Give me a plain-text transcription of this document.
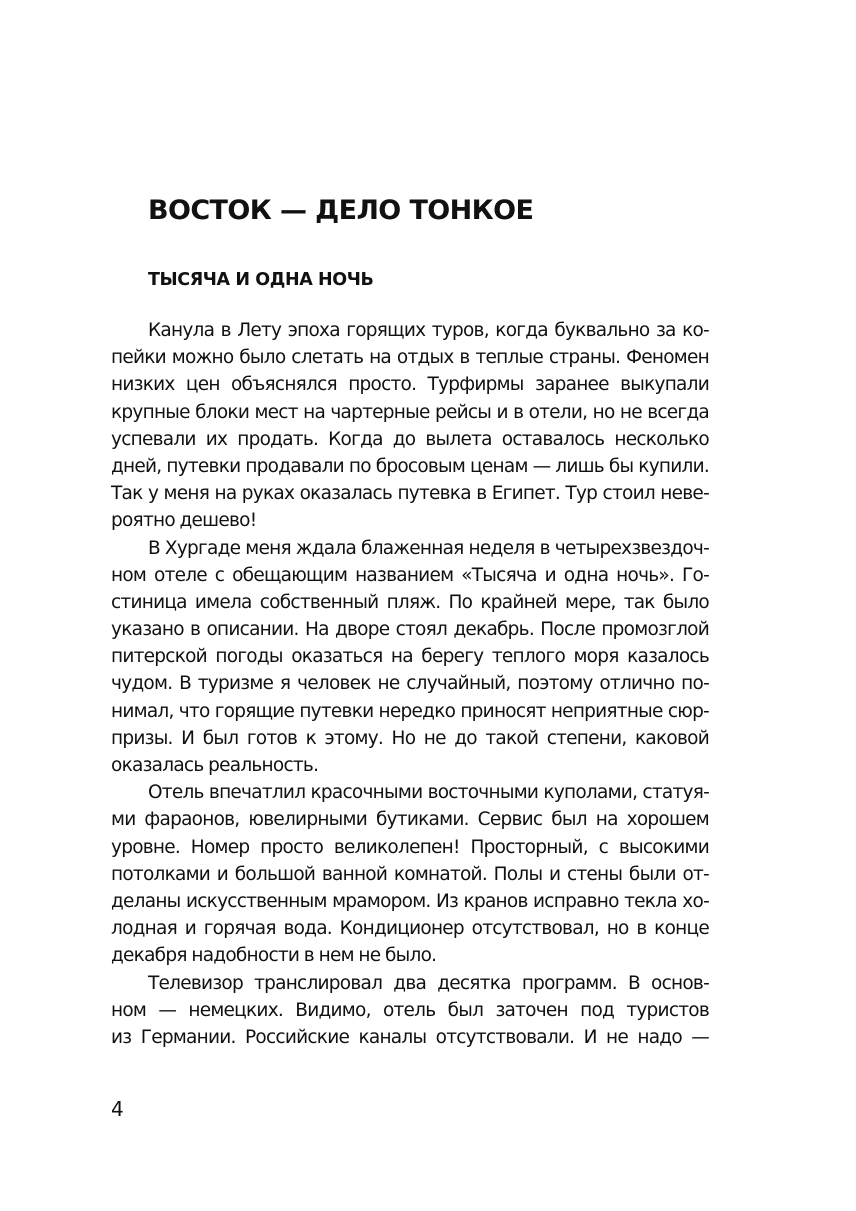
ВОСТОК — ДЕЛО ТОНКОЕ
ТЫСЯЧА И ОДНА НОЧЬ
Канула в Лету эпоха горящих туров, когда буквально за ко-
пейки можно было слетать на отдых в теплые страны. Феномен
низких цен объяснялся просто. Турфирмы заранее выкупали
крупные блоки мест на чартерные рейсы и в отели, но не всегда
успевали их продать. Когда до вылета оставалось несколько
дней, путевки продавали по бросовым ценам — лишь бы купили.
Так у меня на руках оказалась путевка в Египет. Тур стоил неве-
роятно дешево!
В Хургаде меня ждала блаженная неделя в четырехзвездоч-
ном отеле с обещающим названием «Тысяча и одна ночь». Го-
стиница имела собственный пляж. По крайней мере, так было
указано в описании. На дворе стоял декабрь. После промозглой
питерской погоды оказаться на берегу теплого моря казалось
чудом. В туризме я человек не случайный, поэтому отлично по-
нимал, что горящие путевки нередко приносят неприятные сюр-
призы. И был готов к этому. Но не до такой степени, каковой
оказалась реальность.
Отель впечатлил красочными восточными куполами, статуя-
ми фараонов, ювелирными бутиками. Сервис был на хорошем
уровне. Номер просто великолепен! Просторный, с высокими
потолками и большой ванной комнатой. Полы и стены были от-
деланы искусственным мрамором. Из кранов исправно текла хо-
лодная и горячая вода. Кондиционер отсутствовал, но в конце
декабря надобности в нем не было.
Телевизор транслировал два десятка программ. В основ-
ном — немецких. Видимо, отель был заточен под туристов
из Германии. Российские каналы отсутствовали. И не надо —

4
